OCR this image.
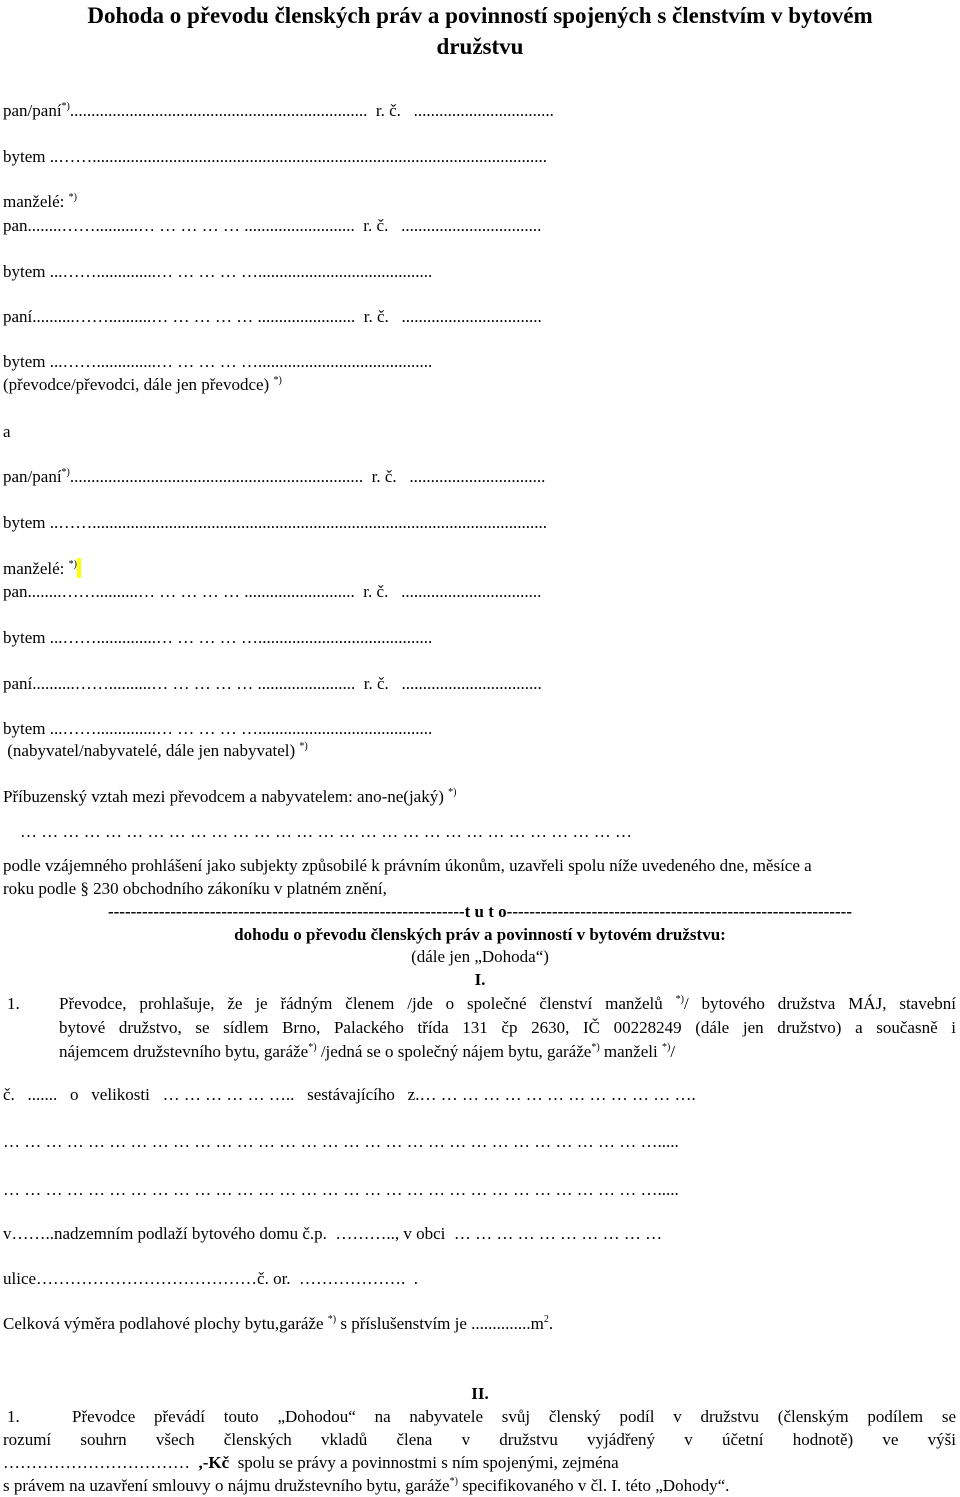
Dohoda o převodu členských práv a povinností spojených s členstvím v bytovém
družstvu
pan/paní*)......................................................................  r. č.   .................................
bytem ..……...........................................................................................................
manželé: *)
pan........……..........… … … … … ..........................  r. č.   .................................
bytem ...……..............… … … … ….........................................
paní..........……..........… … … … … .......................  r. č.   .................................
bytem ...……..............… … … … ….........................................
(převodce/převodci, dále jen převodce) *)
a
pan/paní*).....................................................................  r. č.   ................................
bytem ..……...........................................................................................................
manželé: *)
pan........……..........… … … … … ..........................  r. č.   .................................
bytem ...……..............… … … … ….........................................
paní..........……..........… … … … … .......................  r. č.   .................................
bytem ...……..............… … … … ….........................................
(nabyvatel/nabyvatelé, dále jen nabyvatel) *)
Příbuzenský vztah mezi převodcem a nabyvatelem: ano-ne(jaký) *)
… … … … … … … … … … … … … … … … … … … … … … … … … … … … …
podle vzájemného prohlášení jako subjekty způsobilé k právním úkonům, uzavřeli spolu níže uvedeného dne, měsíce a
roku podle § 230 obchodního zákoníku v platném znění,
---------------------------------------------------------------t u t o-------------------------------------------------------------
dohodu o převodu členských práv a povinností v bytovém družstvu:
(dále jen „Dohoda“)
I.
1. Převodce, prohlašuje, že je řádným členem /jde o společné členství manželů *)/ bytového družstva MÁJ, stavební
bytové družstvo, se sídlem Brno, Palackého třída 131 čp 2630, IČ 00228249 (dále jen družstvo) a současně i
nájemcem družstevního bytu, garáže*) /jedná se o společný nájem bytu, garáže*) manželi *)/
č.   .......   o   velikosti   … … … … … …..   sestávajícího   z.… … … … … … … … … … … … ….
… … … … … … … … … … … … … … … … … … … … … … … … … … … … … … ….....
… … … … … … … … … … … … … … … … … … … … … … … … … … … … … … ….....
v……..nadzemním podlaží bytového domu č.p.  ……….., v obci  … … … … … … … … … …
ulice…………………………………č. or.  ……………….  .
Celková výměra podlahové plochy bytu,garáže *) s příslušenstvím je $..............m^2$.
II.
1.	Převodce převádí touto „Dohodou“ na nabyvatele svůj členský podíl v družstvu (členským podílem se
rozumí souhrn všech členských vkladů člena v družstvu vyjádřený v účetní hodnotě) ve výši
……………………………  ,-Kč  spolu se právy a povinnostmi s ním spojenými, zejména
s právem na uzavření smlouvy o nájmu družstevního bytu, garáže*) specifikovaného v čl. I. této „Dohody“.
